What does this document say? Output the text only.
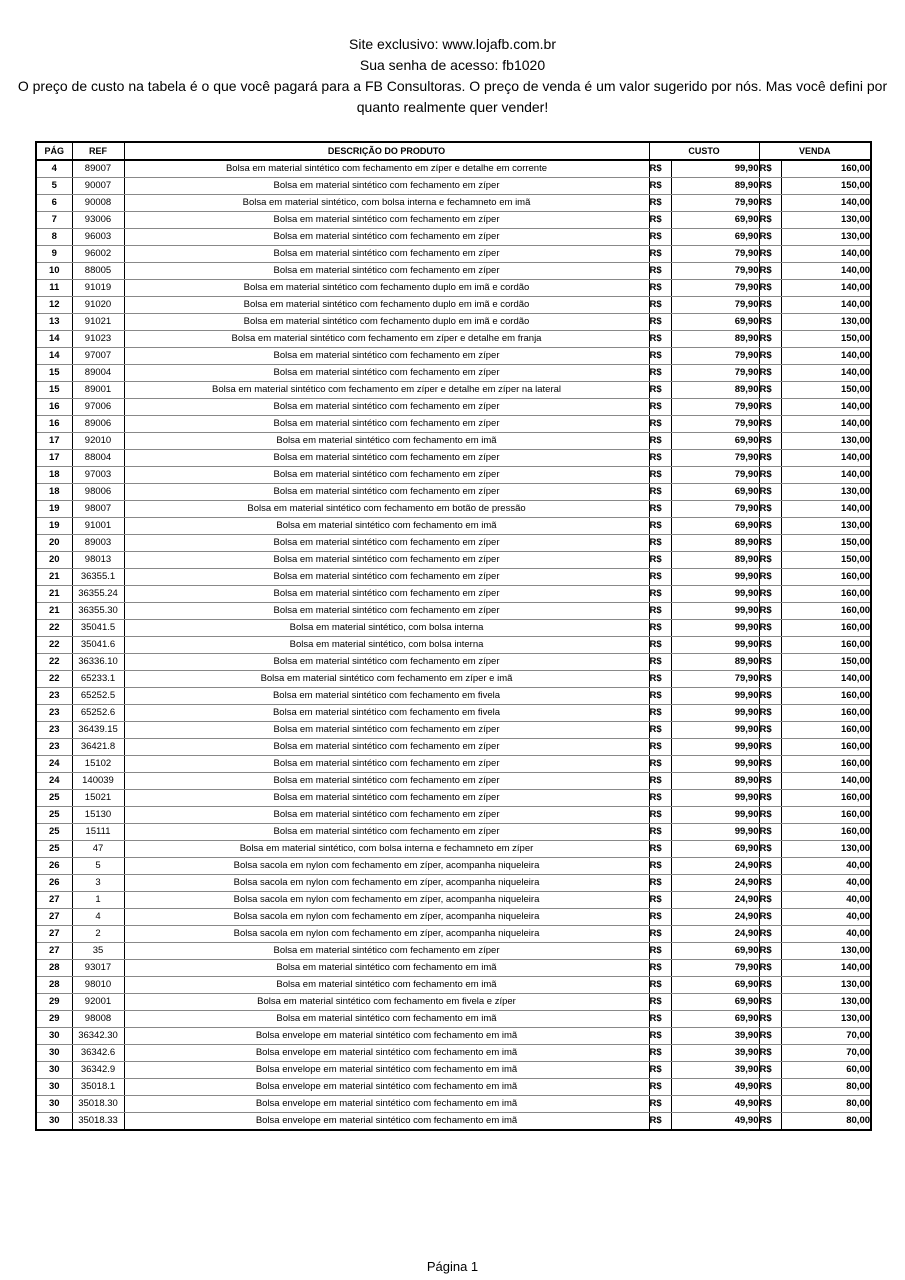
Site exclusivo: www.lojafb.com.br
Sua senha de acesso: fb1020
O preço de custo na tabela é o que você pagará para a FB Consultoras. O preço de venda é um valor sugerido por nós. Mas você defini por quanto realmente quer vender!
PÁG	REF	DESCRIÇÃO DO PRODUTO	CUSTO		VENDA	
4	89007	Bolsa em material sintético com fechamento em zíper e detalhe em corrente	R$	99,90	R$	160,00
5	90007	Bolsa em material sintético com fechamento em zíper	R$	89,90	R$	150,00
6	90008	Bolsa em material sintético, com bolsa interna e fechamneto em imã	R$	79,90	R$	140,00
7	93006	Bolsa em material sintético com fechamento em zíper	R$	69,90	R$	130,00
8	96003	Bolsa em material sintético com fechamento em zíper	R$	69,90	R$	130,00
9	96002	Bolsa em material sintético com fechamento em zíper	R$	79,90	R$	140,00
10	88005	Bolsa em material sintético com fechamento em zíper	R$	79,90	R$	140,00
11	91019	Bolsa em material sintético com fechamento duplo em imã e cordão	R$	79,90	R$	140,00
12	91020	Bolsa em material sintético com fechamento duplo em imã e cordão	R$	79,90	R$	140,00
13	91021	Bolsa em material sintético com fechamento duplo em imã e cordão	R$	69,90	R$	130,00
14	91023	Bolsa em material sintético com fechamento em zíper e detalhe em franja	R$	89,90	R$	150,00
14	97007	Bolsa em material sintético com fechamento em zíper	R$	79,90	R$	140,00
15	89004	Bolsa em material sintético com fechamento em zíper	R$	79,90	R$	140,00
15	89001	Bolsa em material sintético com fechamento em zíper e detalhe em zíper na lateral	R$	89,90	R$	150,00
16	97006	Bolsa em material sintético com fechamento em zíper	R$	79,90	R$	140,00
16	89006	Bolsa em material sintético com fechamento em zíper	R$	79,90	R$	140,00
17	92010	Bolsa em material sintético com fechamento em imã	R$	69,90	R$	130,00
17	88004	Bolsa em material sintético com fechamento em zíper	R$	79,90	R$	140,00
18	97003	Bolsa em material sintético com fechamento em zíper	R$	79,90	R$	140,00
18	98006	Bolsa em material sintético com fechamento em zíper	R$	69,90	R$	130,00
19	98007	Bolsa em material sintético com fechamento em botão de pressão	R$	79,90	R$	140,00
19	91001	Bolsa em material sintético com fechamento em imã	R$	69,90	R$	130,00
20	89003	Bolsa em material sintético com fechamento em zíper	R$	89,90	R$	150,00
20	98013	Bolsa em material sintético com fechamento em zíper	R$	89,90	R$	150,00
21	36355.1	Bolsa em material sintético com fechamento em zíper	R$	99,90	R$	160,00
21	36355.24	Bolsa em material sintético com fechamento em zíper	R$	99,90	R$	160,00
21	36355.30	Bolsa em material sintético com fechamento em zíper	R$	99,90	R$	160,00
22	35041.5	Bolsa em material sintético, com bolsa interna	R$	99,90	R$	160,00
22	35041.6	Bolsa em material sintético, com bolsa interna	R$	99,90	R$	160,00
22	36336.10	Bolsa em material sintético com fechamento em zíper	R$	89,90	R$	150,00
22	65233.1	Bolsa em material sintético com fechamento em zíper e imã	R$	79,90	R$	140,00
23	65252.5	Bolsa em material sintético com fechamento em fivela	R$	99,90	R$	160,00
23	65252.6	Bolsa em material sintético com fechamento em fivela	R$	99,90	R$	160,00
23	36439.15	Bolsa em material sintético com fechamento em zíper	R$	99,90	R$	160,00
23	36421.8	Bolsa em material sintético com fechamento em zíper	R$	99,90	R$	160,00
24	15102	Bolsa em material sintético com fechamento em zíper	R$	99,90	R$	160,00
24	140039	Bolsa em material sintético com fechamento em zíper	R$	89,90	R$	140,00
25	15021	Bolsa em material sintético com fechamento em zíper	R$	99,90	R$	160,00
25	15130	Bolsa em material sintético com fechamento em zíper	R$	99,90	R$	160,00
25	15111	Bolsa em material sintético com fechamento em zíper	R$	99,90	R$	160,00
25	47	Bolsa em material sintético, com bolsa interna e fechamneto em zíper	R$	69,90	R$	130,00
26	5	Bolsa sacola em nylon com fechamento em zíper, acompanha niqueleira	R$	24,90	R$	40,00
26	3	Bolsa sacola em nylon com fechamento em zíper, acompanha niqueleira	R$	24,90	R$	40,00
27	1	Bolsa sacola em nylon com fechamento em zíper, acompanha niqueleira	R$	24,90	R$	40,00
27	4	Bolsa sacola em nylon com fechamento em zíper, acompanha niqueleira	R$	24,90	R$	40,00
27	2	Bolsa sacola em nylon com fechamento em zíper, acompanha niqueleira	R$	24,90	R$	40,00
27	35	Bolsa em material sintético com fechamento em zíper	R$	69,90	R$	130,00
28	93017	Bolsa em material sintético com fechamento em imã	R$	79,90	R$	140,00
28	98010	Bolsa em material sintético com fechamento em imã	R$	69,90	R$	130,00
29	92001	Bolsa em material sintético com fechamento em fivela e zíper	R$	69,90	R$	130,00
29	98008	Bolsa em material sintético com fechamento em imã	R$	69,90	R$	130,00
30	36342.30	Bolsa envelope em material sintético com fechamento em imã	R$	39,90	R$	70,00
30	36342.6	Bolsa envelope em material sintético com fechamento em imã	R$	39,90	R$	70,00
30	36342.9	Bolsa envelope em material sintético com fechamento em imã	R$	39,90	R$	60,00
30	35018.1	Bolsa envelope em material sintético com fechamento em imã	R$	49,90	R$	80,00
30	35018.30	Bolsa envelope em material sintético com fechamento em imã	R$	49,90	R$	80,00
30	35018.33	Bolsa envelope em material sintético com fechamento em imã	R$	49,90	R$	80,00
Página 1
